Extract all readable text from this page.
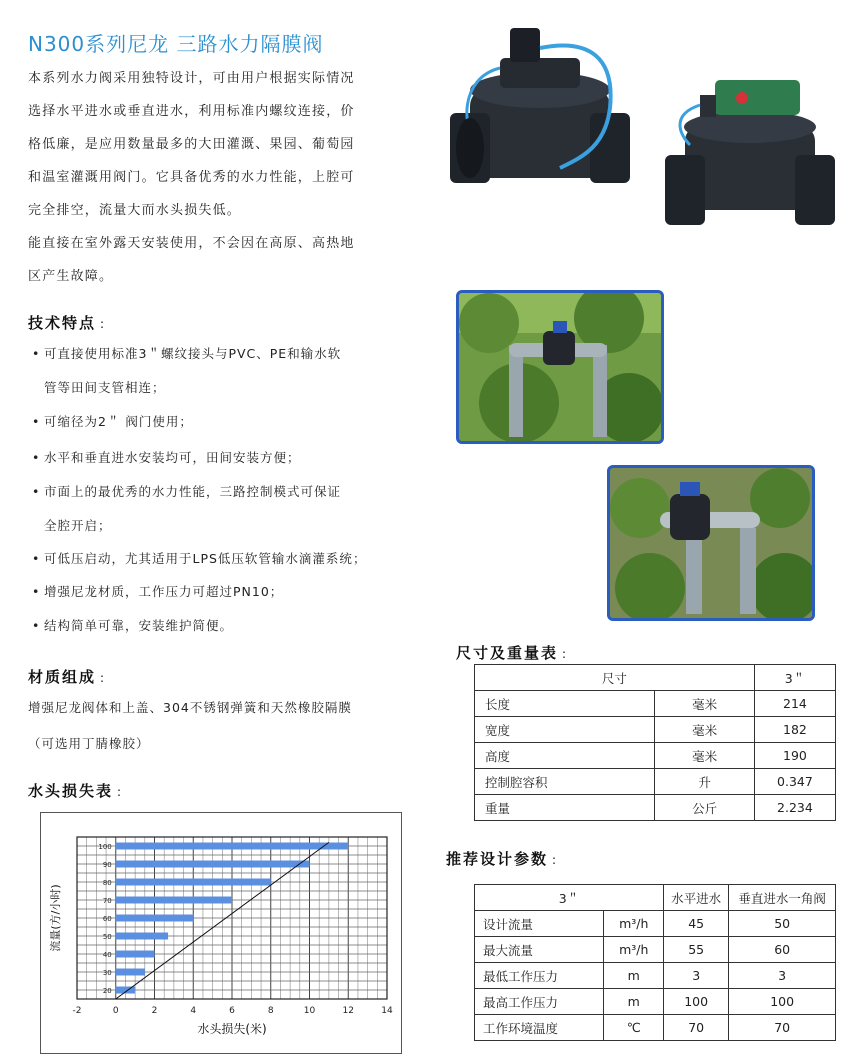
N300系列尼龙 三路水力隔膜阀

本系列水力阀采用独特设计，可由用户根据实际情况

选择水平进水或垂直进水，利用标准内螺纹连接，价

格低廉，是应用数量最多的大田灌溉、果园、葡萄园

和温室灌溉用阀门。它具备优秀的水力性能，上腔可

完全排空，流量大而水头损失低。

能直接在室外露天安装使用，不会因在高原、高热地

区产生故障。

技术特点 :
• 可直接使用标准3＂螺纹接头与PVC、PE和输水软
管等田间支管相连；
• 可缩径为2＂ 阀门使用；
• 水平和垂直进水安装均可，田间安装方便；
• 市面上的最优秀的水力性能，三路控制模式可保证
全腔开启；
• 可低压启动，尤其适用于LPS低压软管输水滴灌系统；
• 增强尼龙材质，工作压力可超过PN10；
• 结构简单可靠，安装维护简便。
材质组成 :
增强尼龙阀体和上盖、304不锈钢弹簧和天然橡胶隔膜
（可选用丁腈橡胶）
水头损失表 :
100
90
80
70
60
50
40
30
20
-2	0	2	4	6	8	10	12	14
水头损失(米)
流量(方/小时)
尺寸及重量表 :
尺寸		3＂
长度	毫米	214
宽度	毫米	182
高度	毫米	190
控制腔容积	升	0.347
重量	公斤	2.234
推荐设计参数 :
3＂		水平进水	垂直进水一角阀
设计流量	m³/h	45	50
最大流量	m³/h	55	60
最低工作压力	m	3	3
最高工作压力	m	100	100
工作环境温度	℃	70	70
